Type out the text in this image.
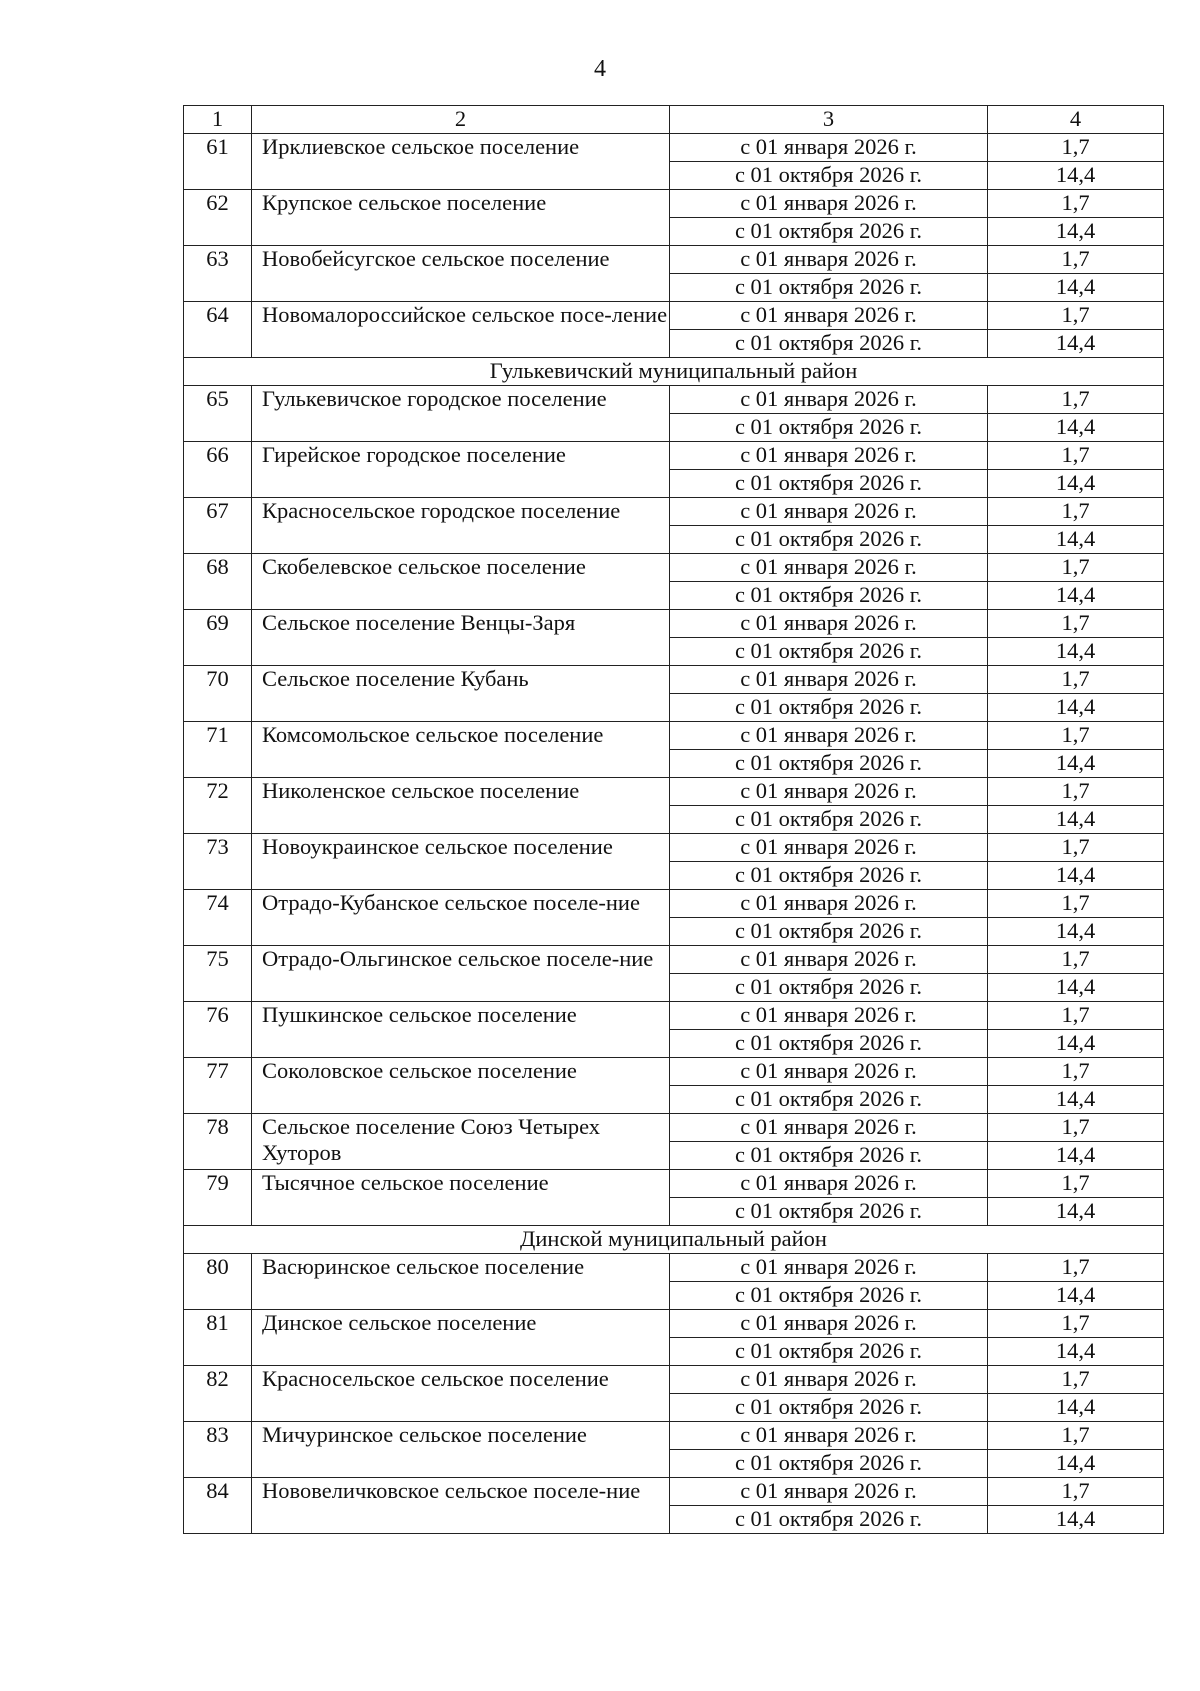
4
1	2	3	4
61	Ирклиевское сельское поселение	с 01 января 2026 г.	1,7
		с 01 октября 2026 г.	14,4
62	Крупское сельское поселение	с 01 января 2026 г.	1,7
		с 01 октября 2026 г.	14,4
63	Новобейсугское сельское поселение	с 01 января 2026 г.	1,7
		с 01 октября 2026 г.	14,4
64	Новомалороссийское сельское посе-ление	с 01 января 2026 г.	1,7
		с 01 октября 2026 г.	14,4
Гулькевичский муниципальный район			
65	Гулькевичское городское поселение	с 01 января 2026 г.	1,7
		с 01 октября 2026 г.	14,4
66	Гирейское городское поселение	с 01 января 2026 г.	1,7
		с 01 октября 2026 г.	14,4
67	Красносельское городское поселение	с 01 января 2026 г.	1,7
		с 01 октября 2026 г.	14,4
68	Скобелевское сельское поселение	с 01 января 2026 г.	1,7
		с 01 октября 2026 г.	14,4
69	Сельское поселение Венцы-Заря	с 01 января 2026 г.	1,7
		с 01 октября 2026 г.	14,4
70	Сельское поселение Кубань	с 01 января 2026 г.	1,7
		с 01 октября 2026 г.	14,4
71	Комсомольское сельское поселение	с 01 января 2026 г.	1,7
		с 01 октября 2026 г.	14,4
72	Николенское сельское поселение	с 01 января 2026 г.	1,7
		с 01 октября 2026 г.	14,4
73	Новоукраинское сельское поселение	с 01 января 2026 г.	1,7
		с 01 октября 2026 г.	14,4
74	Отрадо-Кубанское сельское поселе-ние	с 01 января 2026 г.	1,7
		с 01 октября 2026 г.	14,4
75	Отрадо-Ольгинское сельское поселе-ние	с 01 января 2026 г.	1,7
		с 01 октября 2026 г.	14,4
76	Пушкинское сельское поселение	с 01 января 2026 г.	1,7
		с 01 октября 2026 г.	14,4
77	Соколовское сельское поселение	с 01 января 2026 г.	1,7
		с 01 октября 2026 г.	14,4
78	Сельское поселение Союз Четырех Хуторов	с 01 января 2026 г.	1,7
		с 01 октября 2026 г.	14,4
79	Тысячное сельское поселение	с 01 января 2026 г.	1,7
		с 01 октября 2026 г.	14,4
Динской муниципальный район			
80	Васюринское сельское поселение	с 01 января 2026 г.	1,7
		с 01 октября 2026 г.	14,4
81	Динское сельское поселение	с 01 января 2026 г.	1,7
		с 01 октября 2026 г.	14,4
82	Красносельское сельское поселение	с 01 января 2026 г.	1,7
		с 01 октября 2026 г.	14,4
83	Мичуринское сельское поселение	с 01 января 2026 г.	1,7
		с 01 октября 2026 г.	14,4
84	Нововеличковское сельское поселе-ние	с 01 января 2026 г.	1,7
		с 01 октября 2026 г.	14,4
